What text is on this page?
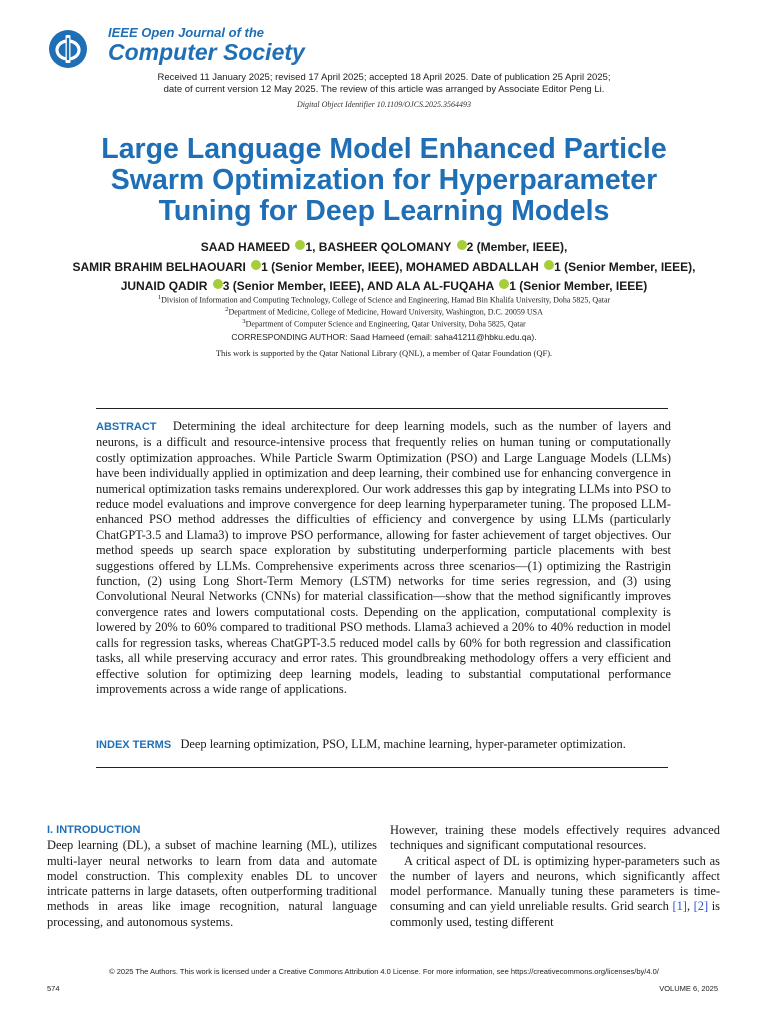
IEEE Open Journal of the
Computer Society
Received 11 January 2025; revised 17 April 2025; accepted 18 April 2025. Date of publication 25 April 2025;
date of current version 12 May 2025. The review of this article was arranged by Associate Editor Peng Li.
Digital Object Identifier 10.1109/OJCS.2025.3564493
Large Language Model Enhanced Particle
Swarm Optimization for Hyperparameter
Tuning for Deep Learning Models
SAAD HAMEED 1, BASHEER QOLOMANY 2 (Member, IEEE),
SAMIR BRAHIM BELHAOUARI 1 (Senior Member, IEEE), MOHAMED ABDALLAH 1 (Senior Member, IEEE),
JUNAID QADIR 3 (Senior Member, IEEE), AND ALA AL-FUQAHA 1 (Senior Member, IEEE)
$^1$Division of Information and Computing Technology, College of Science and Engineering, Hamad Bin Khalifa University, Doha 5825, Qatar
$^2$Department of Medicine, College of Medicine, Howard University, Washington, D.C. 20059 USA
$^3$Department of Computer Science and Engineering, Qatar University, Doha 5825, Qatar
CORRESPONDING AUTHOR: Saad Hameed (email: saha41211@hbku.edu.qa).
This work is supported by the Qatar National Library (QNL), a member of Qatar Foundation (QF).
ABSTRACT Determining the ideal architecture for deep learning models, such as the number of layers and neurons, is a difficult and resource-intensive process that frequently relies on human tuning or computationally costly optimization approaches. While Particle Swarm Optimization (PSO) and Large Language Models (LLMs) have been individually applied in optimization and deep learning, their combined use for enhancing convergence in numerical optimization tasks remains underexplored. Our work addresses this gap by integrating LLMs into PSO to reduce model evaluations and improve convergence for deep learning hyperparameter tuning. The proposed LLM-enhanced PSO method addresses the difficulties of efficiency and convergence by using LLMs (particularly ChatGPT-3.5 and Llama3) to improve PSO performance, allowing for faster achievement of target objectives. Our method speeds up search space exploration by substituting underperforming particle placements with best suggestions offered by LLMs. Comprehensive experiments across three scenarios—(1) optimizing the Rastrigin function, (2) using Long Short-Term Memory (LSTM) networks for time series regression, and (3) using Convolutional Neural Networks (CNNs) for material classification—show that the method significantly improves convergence rates and lowers computational costs. Depending on the application, computational complexity is lowered by 20% to 60% compared to traditional PSO methods. Llama3 achieved a 20% to 40% reduction in model calls for regression tasks, whereas ChatGPT-3.5 reduced model calls by 60% for both regression and classification tasks, all while preserving accuracy and error rates. This groundbreaking methodology offers a very efficient and effective solution for optimizing deep learning models, leading to substantial computational performance improvements across a wide range of applications.
INDEX TERMS Deep learning optimization, PSO, LLM, machine learning, hyper-parameter optimization.
I. INTRODUCTION

Deep learning (DL), a subset of machine learning (ML), utilizes multi-layer neural networks to learn from data and automate model construction. This complexity enables DL to uncover intricate patterns in large datasets, often outperforming traditional methods in areas like image recognition, natural language processing, and autonomous systems.

However, training these models effectively requires advanced techniques and significant computational resources.

A critical aspect of DL is optimizing hyper-parameters such as the number of layers and neurons, which significantly affect model performance. Manually tuning these parameters is time-consuming and can yield unreliable results. Grid search [1], [2] is commonly used, testing different

© 2025 The Authors. This work is licensed under a Creative Commons Attribution 4.0 License. For more information, see https://creativecommons.org/licenses/by/4.0/
574	VOLUME 6, 2025
